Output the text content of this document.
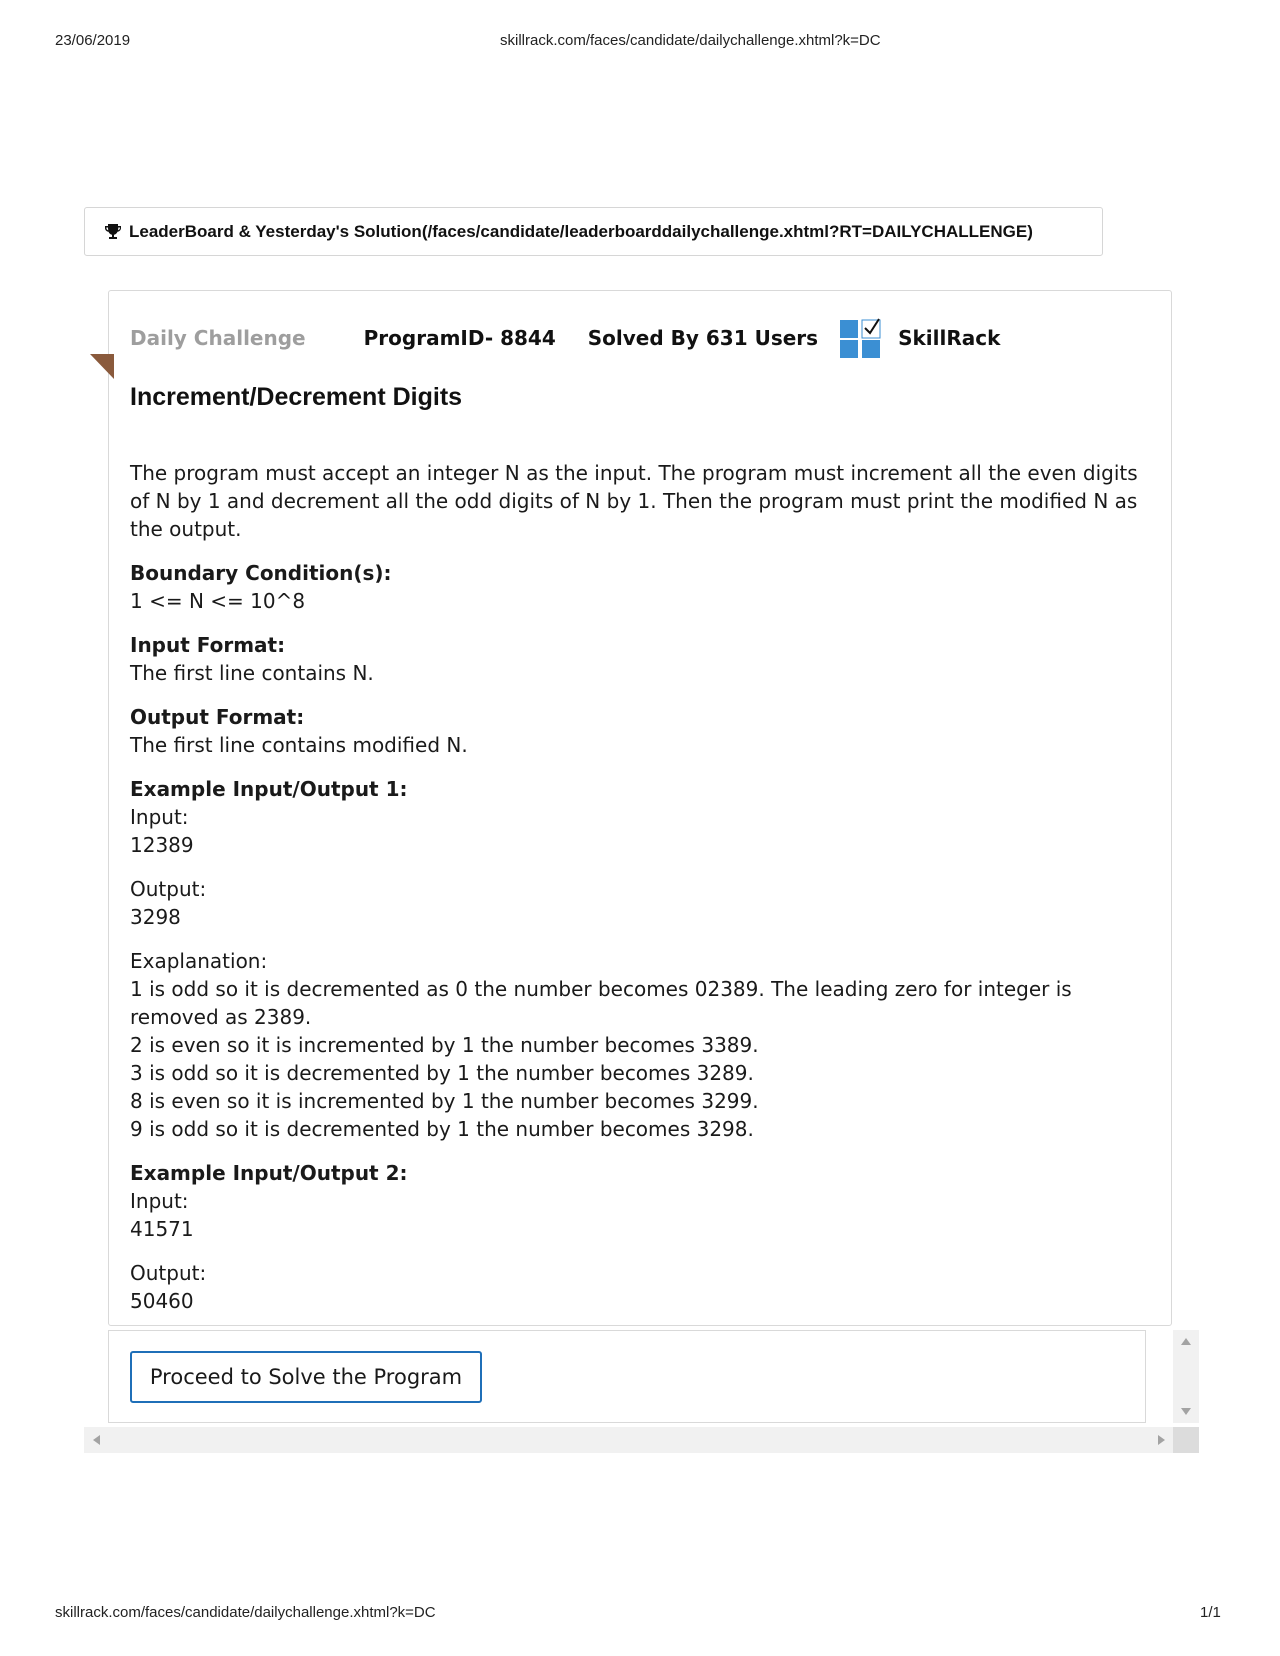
23/06/2019	skillrack.com/faces/candidate/dailychallenge.xhtml?k=DC
LeaderBoard & Yesterday's Solution(/faces/candidate/leaderboarddailychallenge.xhtml?RT=DAILYCHALLENGE)
Daily Challenge	ProgramID- 8844 Solved By 631 Users	SkillRack
Increment/Decrement Digits

The program must accept an integer N as the input. The program must increment all the even digits of N by 1 and decrement all the odd digits of N by 1. Then the program must print the modified N as the output.

Boundary Condition(s):
1 <= N <= 10^8

Input Format:
The first line contains N.

Output Format:
The first line contains modified N.

Example Input/Output 1:
Input:
12389

Output:
3298

Exaplanation:
1 is odd so it is decremented as 0 the number becomes 02389. The leading zero for integer is removed as 2389.
2 is even so it is incremented by 1 the number becomes 3389.
3 is odd so it is decremented by 1 the number becomes 3289.
8 is even so it is incremented by 1 the number becomes 3299.
9 is odd so it is decremented by 1 the number becomes 3298.

Example Input/Output 2:
Input:
41571

Output:
50460

Proceed to Solve the Program
skillrack.com/faces/candidate/dailychallenge.xhtml?k=DC	1/1
